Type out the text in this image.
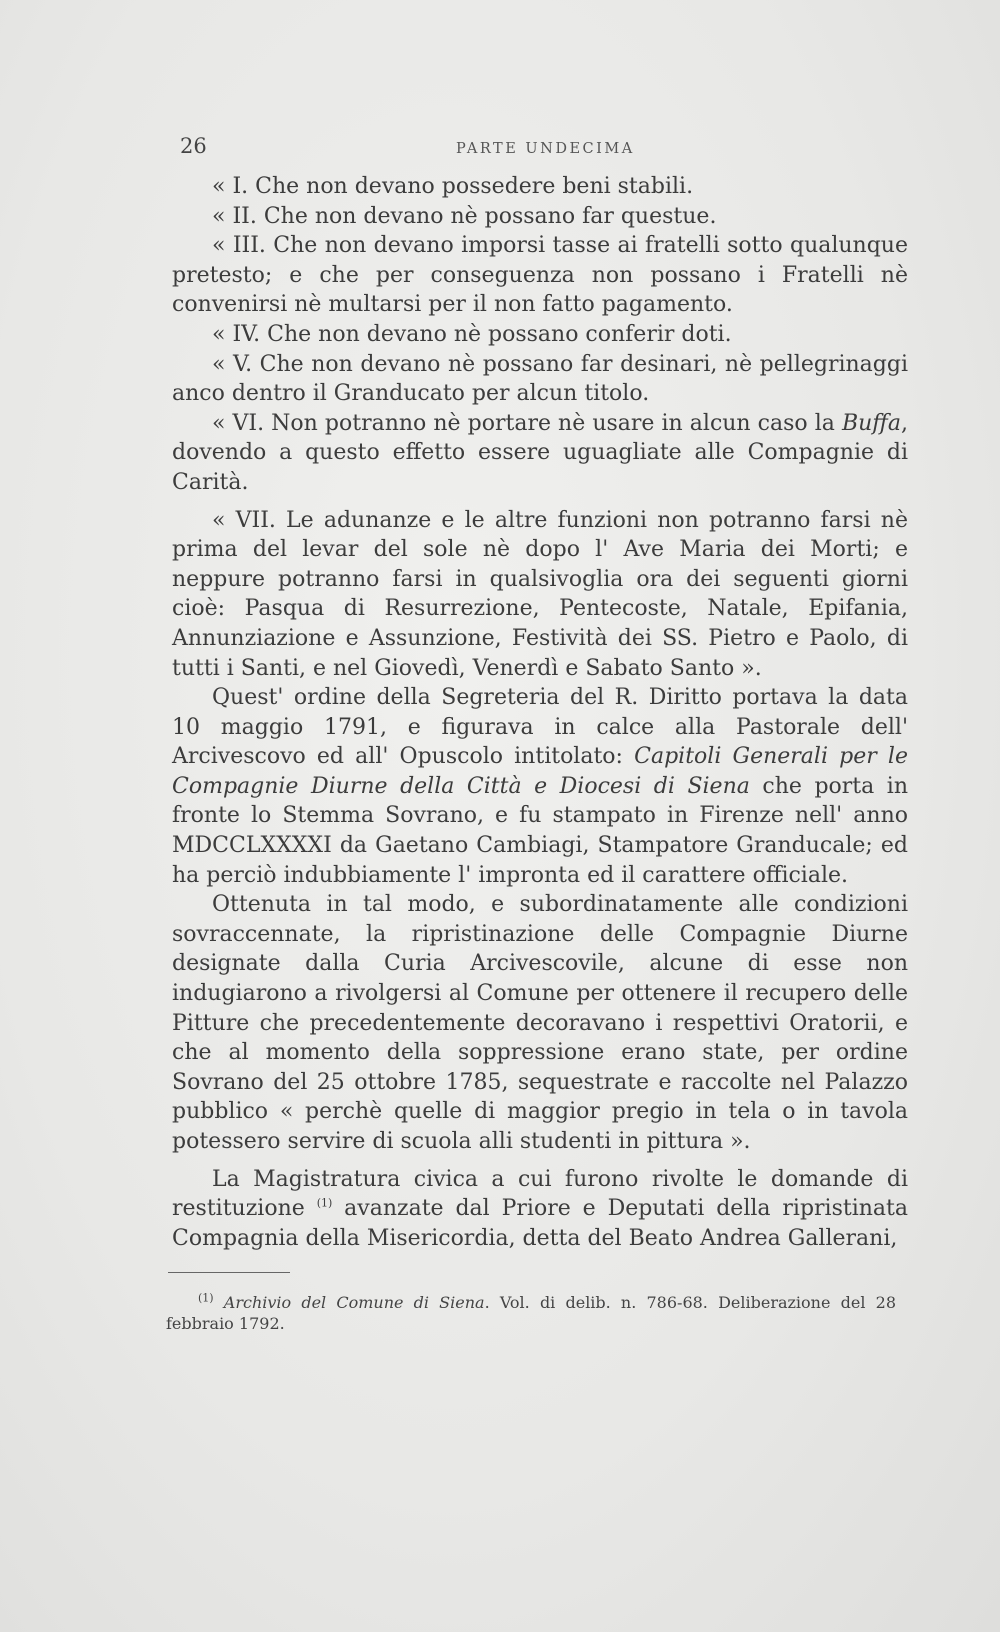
26	PARTE UNDECIMA

« I. Che non devano possedere beni stabili.

« II. Che non devano nè possano far questue.

« III. Che non devano imporsi tasse ai fratelli sotto qualunque pretesto; e che per conseguenza non possano i Fratelli nè convenirsi nè multarsi per il non fatto pagamento.

« IV. Che non devano nè possano conferir doti.

« V. Che non devano nè possano far desinari, nè pellegrinaggi anco dentro il Granducato per alcun titolo.

« VI. Non potranno nè portare nè usare in alcun caso la Buffa, dovendo a questo effetto essere uguagliate alle Compagnie di Carità.

« VII. Le adunanze e le altre funzioni non potranno farsi nè prima del levar del sole nè dopo l' Ave Maria dei Morti; e neppure potranno farsi in qualsivoglia ora dei seguenti giorni cioè: Pasqua di Resurrezione, Pentecoste, Natale, Epifania, Annunziazione e Assunzione, Festività dei SS. Pietro e Paolo, di tutti i Santi, e nel Giovedì, Venerdì e Sabato Santo ».

Quest' ordine della Segreteria del R. Diritto portava la data 10 maggio 1791, e figurava in calce alla Pastorale dell' Arcivescovo ed all' Opuscolo intitolato: Capitoli Generali per le Compagnie Diurne della Città e Diocesi di Siena che porta in fronte lo Stemma Sovrano, e fu stampato in Firenze nell' anno MDCCLXXXXI da Gaetano Cambiagi, Stampatore Granducale; ed ha perciò indubbiamente l' impronta ed il carattere officiale.

Ottenuta in tal modo, e subordinatamente alle condizioni sovraccennate, la ripristinazione delle Compagnie Diurne designate dalla Curia Arcivescovile, alcune di esse non indugiarono a rivolgersi al Comune per ottenere il recupero delle Pitture che precedentemente decoravano i respettivi Oratorii, e che al momento della soppressione erano state, per ordine Sovrano del 25 ottobre 1785, sequestrate e raccolte nel Palazzo pubblico « perchè quelle di maggior pregio in tela o in tavola potessero servire di scuola alli studenti in pittura ».

La Magistratura civica a cui furono rivolte le domande di restituzione $^{(1)}$ avanzate dal Priore e Deputati della ripristinata Compagnia della Misericordia, detta del Beato Andrea Gallerani,

$^{(1)}$ Archivio del Comune di Siena. Vol. di delib. n. 786-68. Deliberazione del 28 febbraio 1792.
